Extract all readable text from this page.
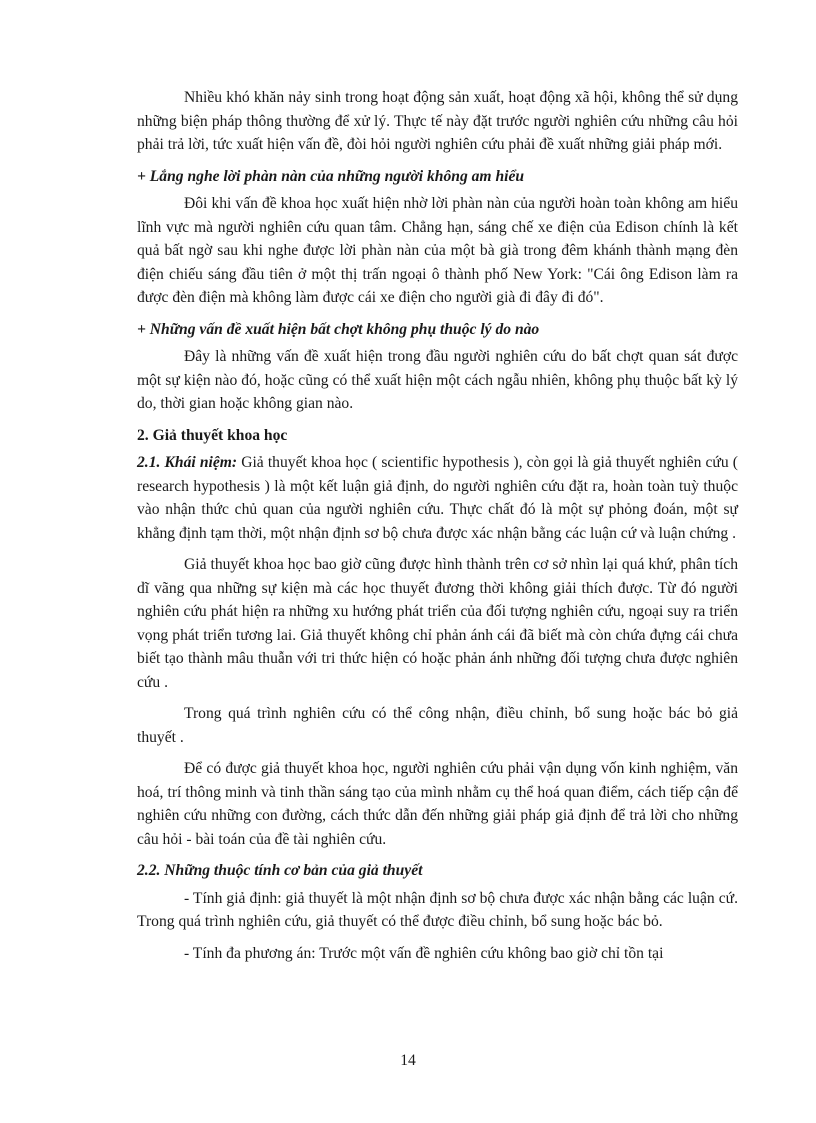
Nhiều khó khăn nảy sinh trong hoạt động sản xuất, hoạt động xã hội, không thể sử dụng những biện pháp thông thường để xử lý. Thực tế này đặt trước người nghiên cứu những câu hỏi phải trả lời, tức xuất hiện vấn đề, đòi hỏi người nghiên cứu phải đề xuất những giải pháp mới.

+ Lắng nghe lời phàn nàn của những người không am hiểu

Đôi khi vấn đề khoa học xuất hiện nhờ lời phàn nàn của người hoàn toàn không am hiểu lĩnh vực mà người nghiên cứu quan tâm. Chẳng hạn, sáng chế xe điện của Edison chính là kết quả bất ngờ sau khi nghe được lời phàn nàn của một bà già trong đêm khánh thành mạng đèn điện chiếu sáng đầu tiên ở một thị trấn ngoại ô thành phố New York: "Cái ông Edison làm ra được đèn điện mà không làm được cái xe điện cho người già đi đây đi đó".

+ Những vấn đề xuất hiện bất chợt không phụ thuộc lý do nào

Đây là những vấn đề xuất hiện trong đầu người nghiên cứu do bất chợt quan sát được một sự kiện nào đó, hoặc cũng có thể xuất hiện một cách ngẫu nhiên, không phụ thuộc bất kỳ lý do, thời gian hoặc không gian nào.

2. Giả thuyết khoa học

2.1. Khái niệm: Giả thuyết khoa học ( scientific hypothesis ), còn gọi là giả thuyết nghiên cứu ( research hypothesis ) là một kết luận giả định, do người nghiên cứu đặt ra, hoàn toàn tuỳ thuộc vào nhận thức chủ quan của người nghiên cứu. Thực chất đó là một sự phỏng đoán, một sự khẳng định tạm thời, một nhận định sơ bộ chưa được xác nhận bằng các luận cứ và luận chứng .

Giả thuyết khoa học bao giờ cũng được hình thành trên cơ sở nhìn lại quá khứ, phân tích dĩ vãng qua những sự kiện mà các học thuyết đương thời không giải thích được. Từ đó người nghiên cứu phát hiện ra những xu hướng phát triển của đối tượng nghiên cứu, ngoại suy ra triển vọng phát triển tương lai. Giả thuyết không chỉ phản ánh cái đã biết mà còn chứa đựng cái chưa biết tạo thành mâu thuẫn với tri thức hiện có hoặc phản ánh những đối tượng chưa được nghiên cứu .

Trong quá trình nghiên cứu có thể công nhận, điều chỉnh, bổ sung hoặc bác bỏ giả thuyết .

Để có được giả thuyết khoa học, người nghiên cứu phải vận dụng vốn kinh nghiệm, văn hoá, trí thông minh và tinh thần sáng tạo của mình nhằm cụ thể hoá quan điểm, cách tiếp cận để nghiên cứu những con đường, cách thức dẫn đến những giải pháp giả định để trả lời cho những câu hỏi - bài toán của đề tài nghiên cứu.

2.2. Những thuộc tính cơ bản của giả thuyết

- Tính giả định: giả thuyết là một nhận định sơ bộ chưa được xác nhận bằng các luận cứ. Trong quá trình nghiên cứu, giả thuyết có thể được điều chỉnh, bổ sung hoặc bác bỏ.

- Tính đa phương án: Trước một vấn đề nghiên cứu không bao giờ chỉ tồn tại

14
